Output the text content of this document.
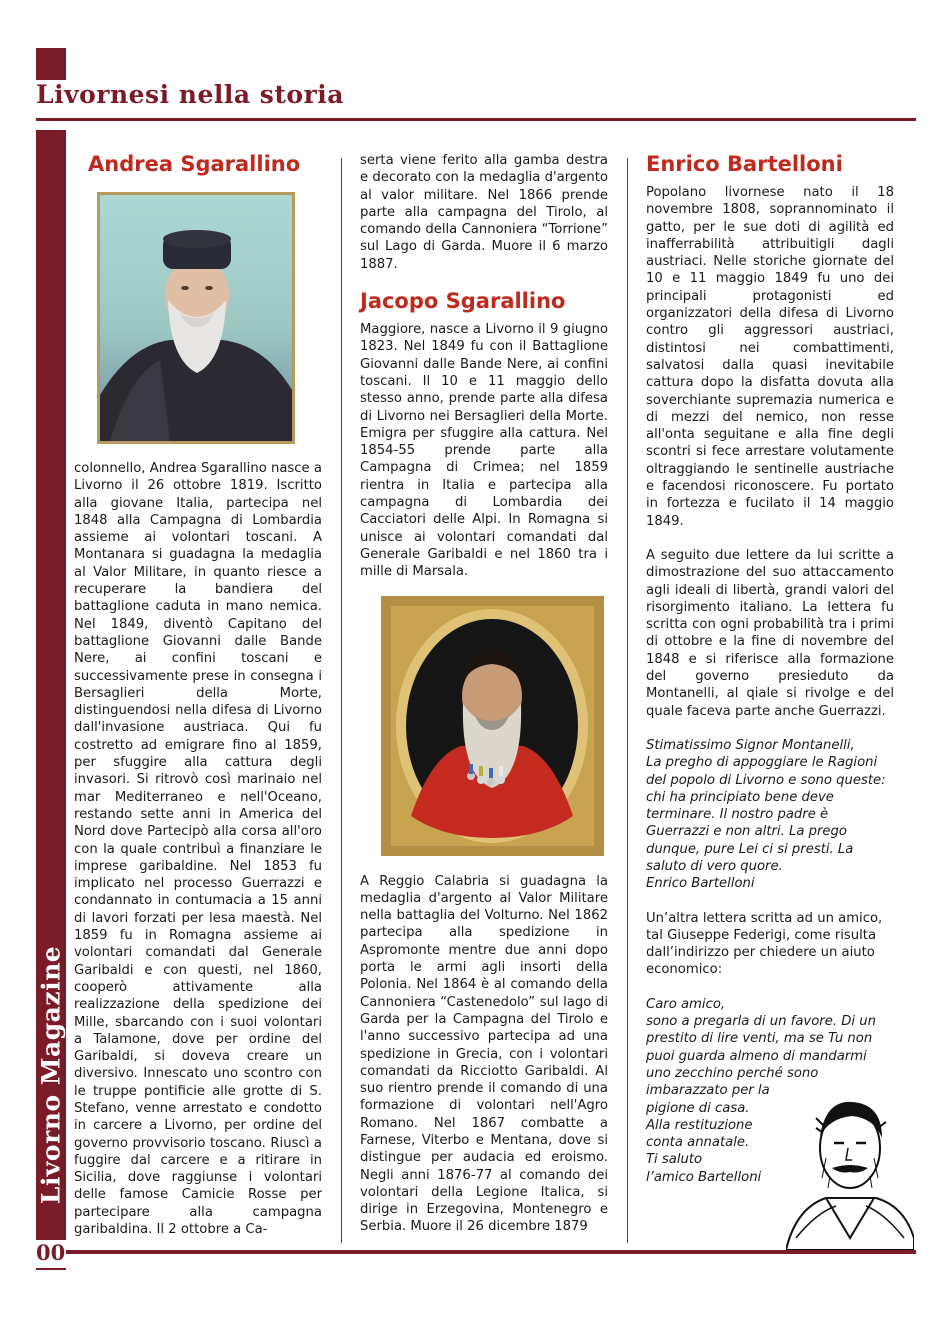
Livornesi nella storia
Livorno Magazine
00
Andrea Sgarallino

colonnello, Andrea Sgarallino nasce a Livorno il 26 ottobre 1819. Iscritto alla giovane Italia, partecipa nel 1848 alla Campagna di Lombardia assieme ai volontari toscani. A Montanara si guadagna la medaglia al Valor Militare, in quanto riesce a recuperare la bandiera del battaglione caduta in mano nemica. Nel 1849, diventò Capitano del battaglione Giovanni dalle Bande Nere, ai confini toscani e successivamente prese in consegna i Bersaglieri della Morte, distinguendosi nella difesa di Livorno dall'invasione austriaca. Qui fu costretto ad emigrare fino al 1859, per sfuggire alla cattura degli invasori. Si ritrovò così marinaio nel mar Mediterraneo e nell'Oceano, restando sette anni in America del Nord dove Partecipò alla corsa all'oro con la quale contribuì a finanziare le imprese garibaldine. Nel 1853 fu implicato nel processo Guerrazzi e condannato in contumacia a 15 anni di lavori forzati per lesa maestà. Nel 1859 fu in Romagna assieme ai volontari comandati dal Generale Garibaldi e con questi, nel 1860, cooperò attivamente alla realizzazione della spedizione dei Mille, sbarcando con i suoi volontari a Talamone, dove per ordine del Garibaldi, si doveva creare un diversivo. Innescato uno scontro con le truppe pontificie alle grotte di S. Stefano, venne arrestato e condotto in carcere a Livorno, per ordine del governo provvisorio toscano. Riuscì a fuggire dal carcere e a ritirare in Sicilia, dove raggiunse i volontari delle famose Camicie Rosse per partecipare alla campagna garibaldina. Il 2 ottobre a Ca-

serta viene ferito alla gamba destra e decorato con la medaglia d'argento al valor militare. Nel 1866 prende parte alla campagna del Tirolo, al comando della Cannoniera “Torrione” sul Lago di Garda. Muore il 6 marzo 1887.

Jacopo Sgarallino

Maggiore, nasce a Livorno il 9 giugno 1823. Nel 1849 fu con il Battaglione Giovanni dalle Bande Nere, ai confini toscani. Il 10 e 11 maggio dello stesso anno, prende parte alla difesa di Livorno nei Bersaglieri della Morte. Emigra per sfuggire alla cattura. Nel 1854-55 prende parte alla Campagna di Crimea; nel 1859 rientra in Italia e partecipa alla campagna di Lombardia dei Cacciatori delle Alpi. In Romagna si unisce ai volontari comandati dal Generale Garibaldi e nel 1860 tra i mille di Marsala.

A Reggio Calabria si guadagna la medaglia d'argento al Valor Militare nella battaglia del Volturno. Nel 1862 partecipa alla spedizione in Aspromonte mentre due anni dopo porta le armi agli insorti della Polonia. Nel 1864 è al comando della Cannoniera “Castenedolo” sul lago di Garda per la Campagna del Tirolo e l'anno successivo partecipa ad una spedizione in Grecia, con i volontari comandati da Ricciotto Garibaldi. Al suo rientro prende il comando di una formazione di volontari nell'Agro Romano. Nel 1867 combatte a Farnese, Viterbo e Mentana, dove si distingue per audacia ed eroismo. Negli anni 1876-77 al comando dei volontari della Legione Italica, si dirige in Erzegovina, Montenegro e Serbia. Muore il 26 dicembre 1879

Enrico Bartelloni

Popolano livornese nato il 18 novembre 1808, soprannominato il gatto, per le sue doti di agilità ed inafferrabilità attribuitigli dagli austriaci. Nelle storiche giornate del 10 e 11 maggio 1849 fu uno dei principali protagonisti ed organizzatori della difesa di Livorno contro gli aggressori austriaci, distintosi nei combattimenti, salvatosi dalla quasi inevitabile cattura dopo la disfatta dovuta alla soverchiante supremazia numerica e di mezzi del nemico, non resse all'onta seguitane e alla fine degli scontri si fece arrestare volutamente oltraggiando le sentinelle austriache e facendosi riconoscere. Fu portato in fortezza e fucilato il 14 maggio 1849.

A seguito due lettere da lui scritte a dimostrazione del suo attaccamento agli ideali di libertà, grandi valori del risorgimento italiano. La lettera fu scritta con ogni probabilità tra i primi di ottobre e la fine di novembre del 1848 e si riferisce alla formazione del governo presieduto da Montanelli, al qiale si rivolge e del quale faceva parte anche Guerrazzi.

Stimatissimo Signor Montanelli,

La pregho di appoggiare le Ragioni del popolo di Livorno e sono queste: chi ha principiato bene deve terminare. Il nostro padre è Guerrazzi e non altri. La prego dunque, pure Lei ci si presti. La saluto di vero quore.

Enrico Bartelloni

Un’altra lettera scritta ad un amico, tal Giuseppe Federigi, come risulta dall’indirizzo per chiedere un aiuto economico:

Caro amico,

sono a pregarla di un favore. Di un prestito di lire venti, ma se Tu non puoi guarda almeno di mandarmi uno zecchino perché sono imbarazzato per la

pigione di casa.

Alla restituzione

conta annatale.

Ti saluto

l’amico Bartelloni
